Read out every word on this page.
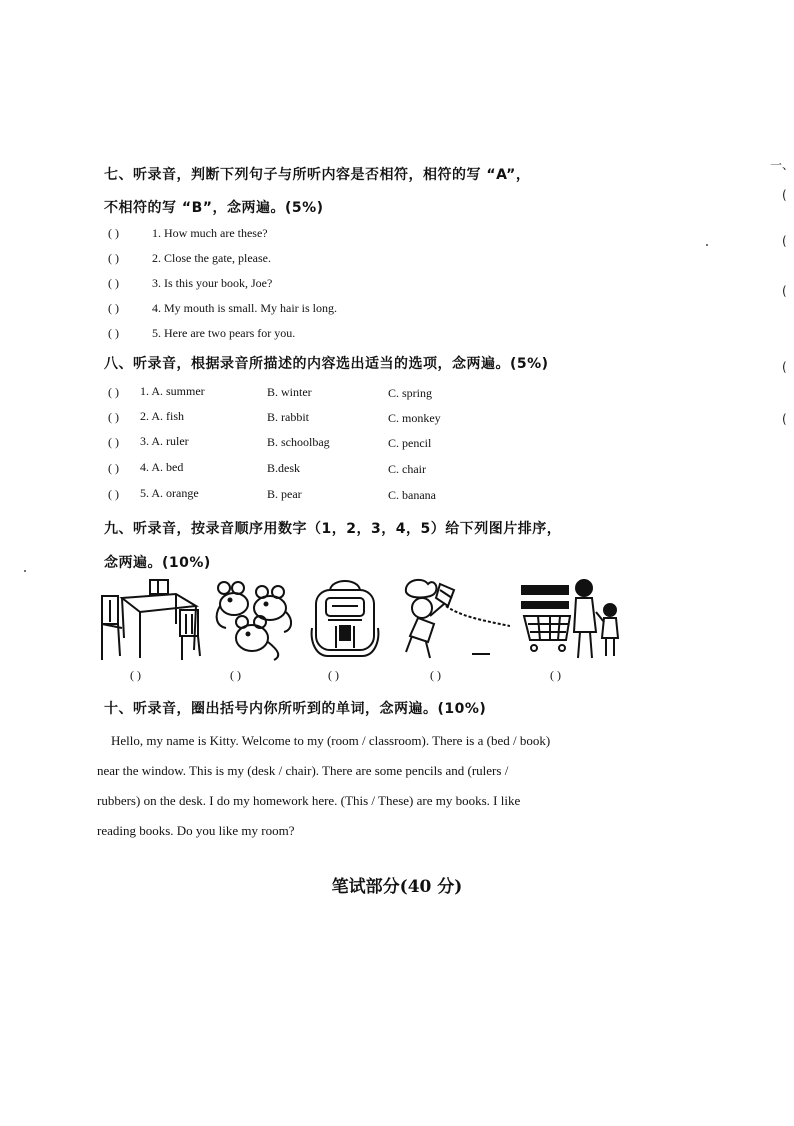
一、
(
(
(
(
(
七、听录音，判断下列句子与所听内容是否相符，相符的写 “A”，
不相符的写 “B”，念两遍。(5%)
( )	1. How much are these?
( )	2. Close the gate, please.
( )	3. Is this your book, Joe?
( )	4. My mouth is small. My hair is long.
( )	5. Here are two pears for you.
八、听录音，根据录音所描述的内容选出适当的选项，念两遍。(5%)
( ) 1. A. summer	B. winter	C. spring
( ) 2. A. fish	B. rabbit	C. monkey
( ) 3. A. ruler	B. schoolbag	C. pencil
( ) 4. A. bed	B.desk	C. chair
( ) 5. A. orange	B. pear	C. banana
九、听录音，按录音顺序用数字（1，2，3，4，5）给下列图片排序，
念两遍。(10%)
( )	( )	( )	( )	( )
十、听录音，圈出括号内你所听到的单词，念两遍。(10%)
Hello, my name is Kitty. Welcome to my (room / classroom). There is a (bed / book)
near the window. This is my (desk / chair). There are some pencils and (rulers /
rubbers) on the desk. I do my homework here. (This / These) are my books. I like
reading books. Do you like my room?
笔试部分(40 分)
